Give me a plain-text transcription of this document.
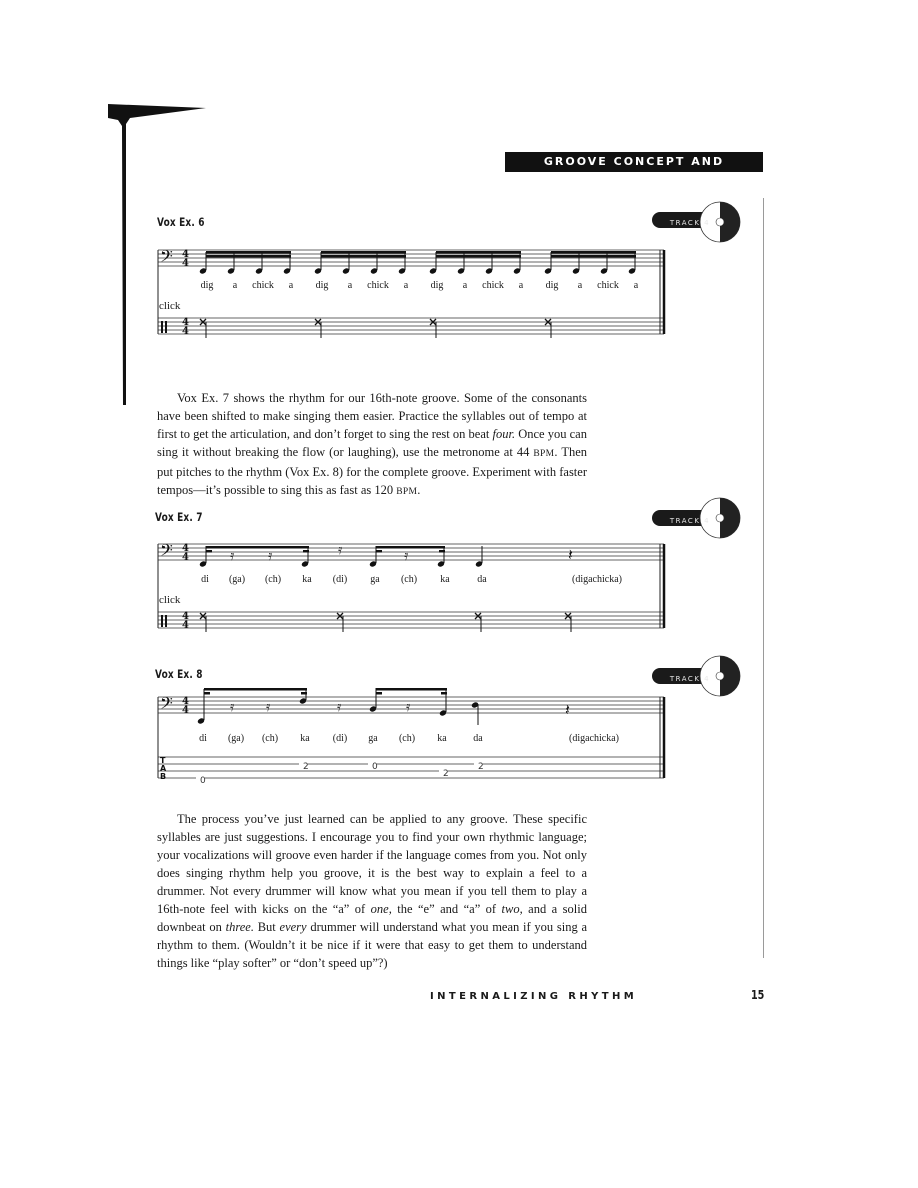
GROOVE CONCEPT AND DEVELOPMENT
Vox Ex. 6	TRACK 4
𝄢 4
4
4
4
dig a chick a dig a chick a dig a chick a dig a chick a
click

Vox Ex. 7 shows the rhythm for our 16th-note groove. Some of the consonants have been shifted to make singing them easier. Practice the syllables out of tempo at first to get the articulation, and don’t forget to sing the rest on beat four. Once you can sing it without breaking the flow (or laughing), use the metronome at 44 BPM. Then put pitches to the rhythm (Vox Ex. 8) for the complete groove. Experiment with faster tempos—it’s possible to sing this as fast as 120 BPM.

Vox Ex. 7	TRACK 4
𝄢 4
4
4
4
𝄿 𝄿	𝄿	𝄿	𝄽
di (ga) (ch) ka (di) ga (ch) ka	da	(digachicka)
click
Vox Ex. 8	TRACK 4
𝄢 4
4
T
A
B
𝄿 𝄿	𝄿	𝄿	𝄽
0
2	0
2
2
di (ga) (ch) ka (di) ga (ch) ka	da	(digachicka)

The process you’ve just learned can be applied to any groove. These specific syllables are just suggestions. I encourage you to find your own rhythmic language; your vocalizations will groove even harder if the language comes from you. Not only does singing rhythm help you groove, it is the best way to explain a feel to a drummer. Not every drummer will know what you mean if you tell them to play a 16th-note feel with kicks on the “a” of one, the “e” and “a” of two, and a solid downbeat on three. But every drummer will understand what you mean if you sing a rhythm to them. (Wouldn’t it be nice if it were that easy to get them to understand things like “play softer” or “don’t speed up”?)

INTERNALIZING RHYTHM	15
